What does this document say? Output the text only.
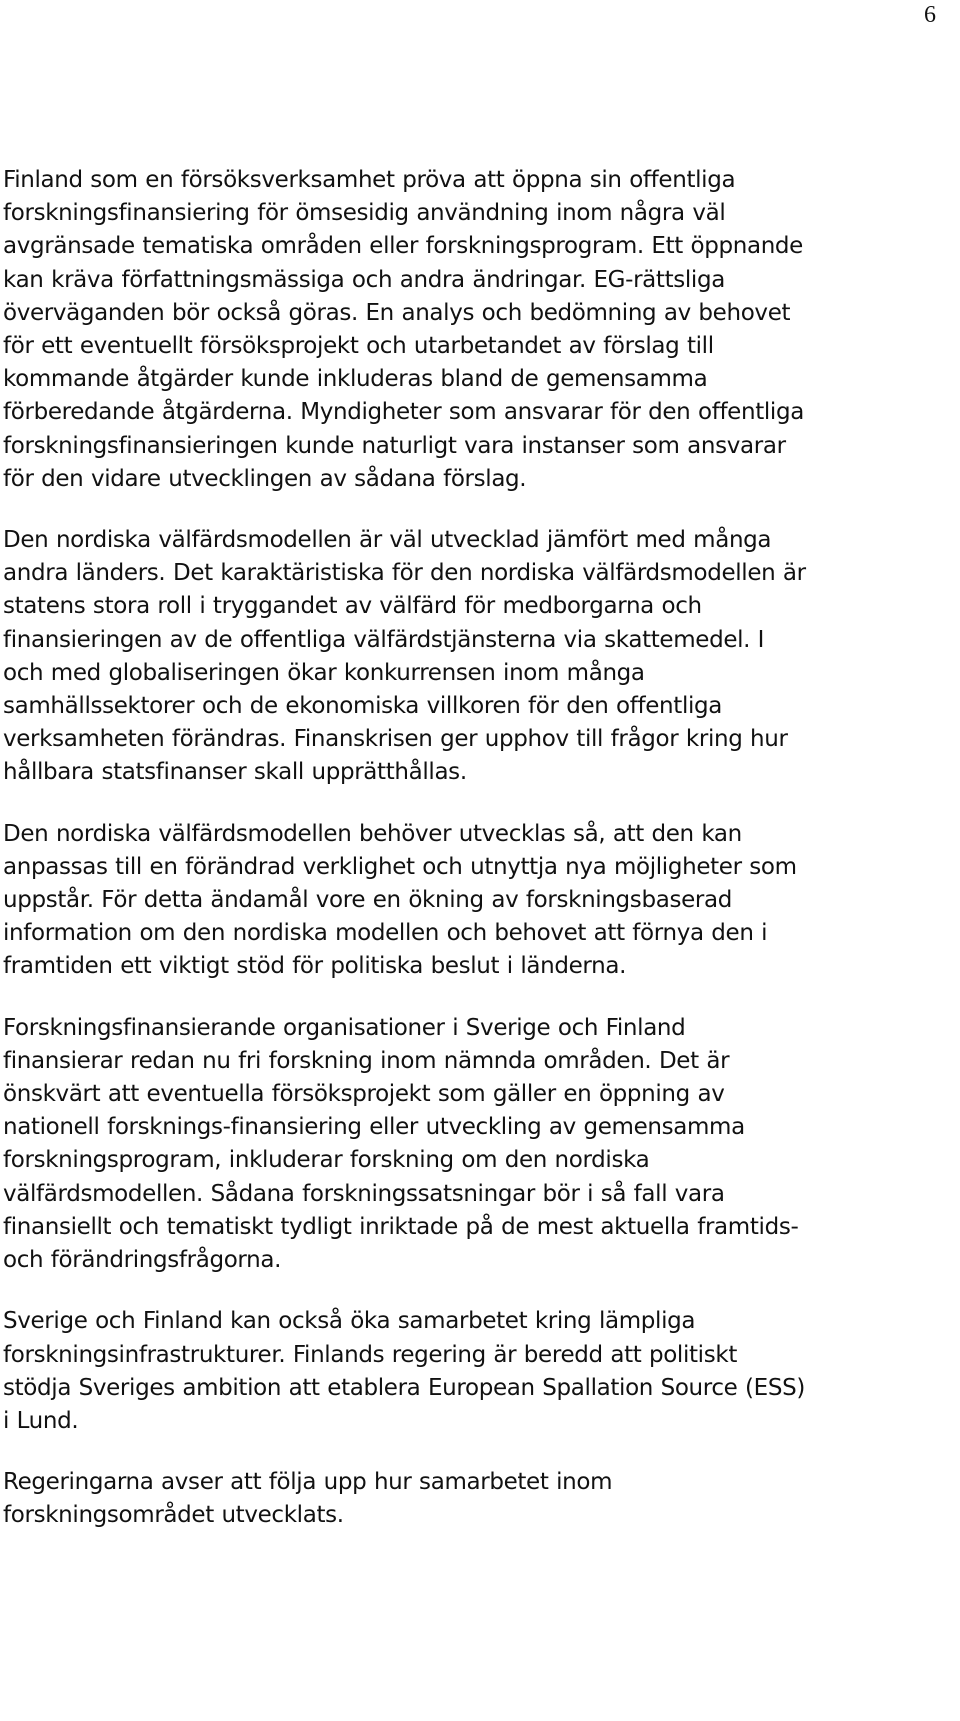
6

Finland som en försöksverksamhet pröva att öppna sin offentliga
forskningsfinansiering för ömsesidig användning inom några väl
avgränsade tematiska områden eller forskningsprogram. Ett öppnande
kan kräva författningsmässiga och andra ändringar. EG-rättsliga
överväganden bör också göras. En analys och bedömning av behovet
för ett eventuellt försöksprojekt och utarbetandet av förslag till
kommande åtgärder kunde inkluderas bland de gemensamma
förberedande åtgärderna. Myndigheter som ansvarar för den offentliga
forskningsfinansieringen kunde naturligt vara instanser som ansvarar
för den vidare utvecklingen av sådana förslag.

Den nordiska välfärdsmodellen är väl utvecklad jämfört med många
andra länders. Det karaktäristiska för den nordiska välfärdsmodellen är
statens stora roll i tryggandet av välfärd för medborgarna och
finansieringen av de offentliga välfärdstjänsterna via skattemedel. I
och med globaliseringen ökar konkurrensen inom många
samhällssektorer och de ekonomiska villkoren för den offentliga
verksamheten förändras. Finanskrisen ger upphov till frågor kring hur
hållbara statsfinanser skall upprätthållas.

Den nordiska välfärdsmodellen behöver utvecklas så, att den kan
anpassas till en förändrad verklighet och utnyttja nya möjligheter som
uppstår. För detta ändamål vore en ökning av forskningsbaserad
information om den nordiska modellen och behovet att förnya den i
framtiden ett viktigt stöd för politiska beslut i länderna.

Forskningsfinansierande organisationer i Sverige och Finland
finansierar redan nu fri forskning inom nämnda områden. Det är
önskvärt att eventuella försöksprojekt som gäller en öppning av
nationell forsknings-finansiering eller utveckling av gemensamma
forskningsprogram, inkluderar forskning om den nordiska
välfärdsmodellen. Sådana forskningssatsningar bör i så fall vara
finansiellt och tematiskt tydligt inriktade på de mest aktuella framtids-
och förändringsfrågorna.

Sverige och Finland kan också öka samarbetet kring lämpliga
forskningsinfrastrukturer. Finlands regering är beredd att politiskt
stödja Sveriges ambition att etablera European Spallation Source (ESS)
i Lund.

Regeringarna avser att följa upp hur samarbetet inom
forskningsområdet utvecklats.
